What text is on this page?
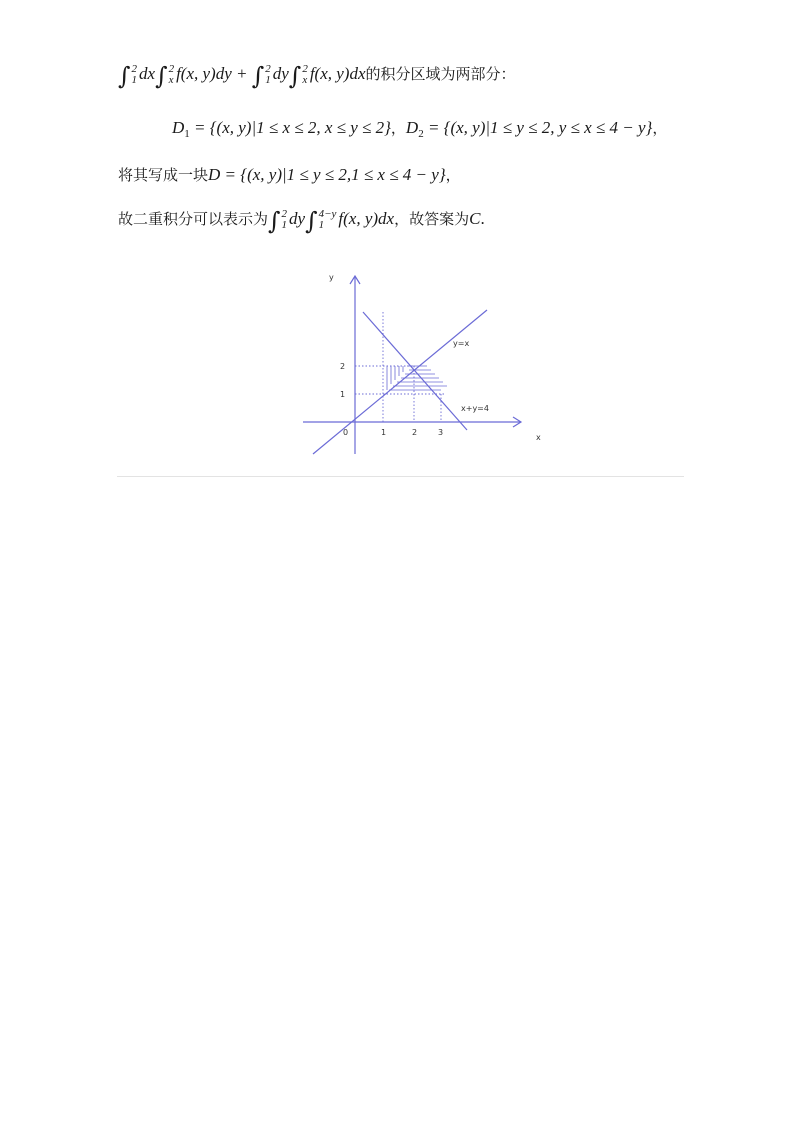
∫ 2
1 dx∫ 2
x f(x, y)dy + ∫ 2
1 dy∫ 2
x f(x, y)dx的积分区域为两部分：
$D_1 = \{(x$, y)|1 ≤ x ≤ 2, x ≤ y ≤ 2}，$D_2 = \{(x$, y)|1 ≤ y ≤ 2, y ≤ x ≤ 4 − y}，
将其写成一块D = {(x, y)|1 ≤ y ≤ 2,1 ≤ x ≤ 4 − y}，
故二重积分可以表示为∫ 2
1 dy∫ 4−y
1 f(x, y)dx，故答案为C.
y
x
0	1	2	3
1
2
y=x
x+y=4
